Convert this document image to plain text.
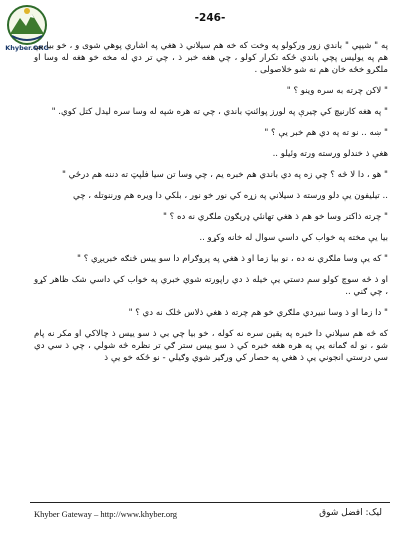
Khyber.ORG
-246-

په " شيپي " باندي زور ورکولو په وخت که خه هم سيلاني ذ هغي په اشاري پوهي شوی و ، خو بيا يې هم په يوليس پچي باندي ځکه تکرار کولو ، چي هغه خبر ذ ، چي تر دي له مخه خو هغه له وسا او ملګرو خځه خان هم نه شو خلاصولی .

" لاکن چرته به سره وينو ؟ "

" په هغه کارنيچ کي چيرې په لورز پوائنټ باندي ، چي ته هره شپه له وسا سره ليدل کتل کوي. "

" ښه .. نو ته په دي هم خبر يې ؟ "

هغې ذ خندلو ورسته ورته وئيلو ..

" هو ، دا لا څه ؟ چي زه په دي باندي هم خبره يم ، چي وسا تن سيا فلپټ ته دننه هم درځي "

.. تيليفون يې دلو ورسته ذ سيلاني په زړه کي نور خو نور ، بلکي دا ويره هم ورننوتله ، چي

" چرته ذاکتر وسا خو هم ذ هغي تهانئي ډريګون ملګري نه ده ؟ "

بيا يې مخته په خواب کي داسي سوال له خانه وکړو ..

" که يې وسا ملګري نه ده ، نو بيا زما او ذ هغي په پروګرام دا سو ييس څنګه خبريږي ؟ "

او ذ څه سوچ کولو سم دستي يې خيله ذ دي راپورته شوي خبري په خواب کي داسي شک ظاهر کړو ، چي ګني ..

" دا زما او ذ وسا نبيردي ملګري خو هم چرته ذ هغي ذلاس څلک نه دي ؟ "

که څه هم سيلاني دا خبره په يقين سره نه کوله ، خو بيا چي بي ذ سو ييس ذ چالاکي او مکر نه پام شو ، نو له ګمانه يې په هره هغه خبره کي ذ سو ييس ستر ګي تر نظره څه شولي ، چي ذ سي دي سي درستي انجوني يې ذ هغي په حصار کي ورګير شوي وګيلي - نو ځکه خو يې ذ

Khyber Gateway – http://www.khyber.org	ليک: افضل شوق
